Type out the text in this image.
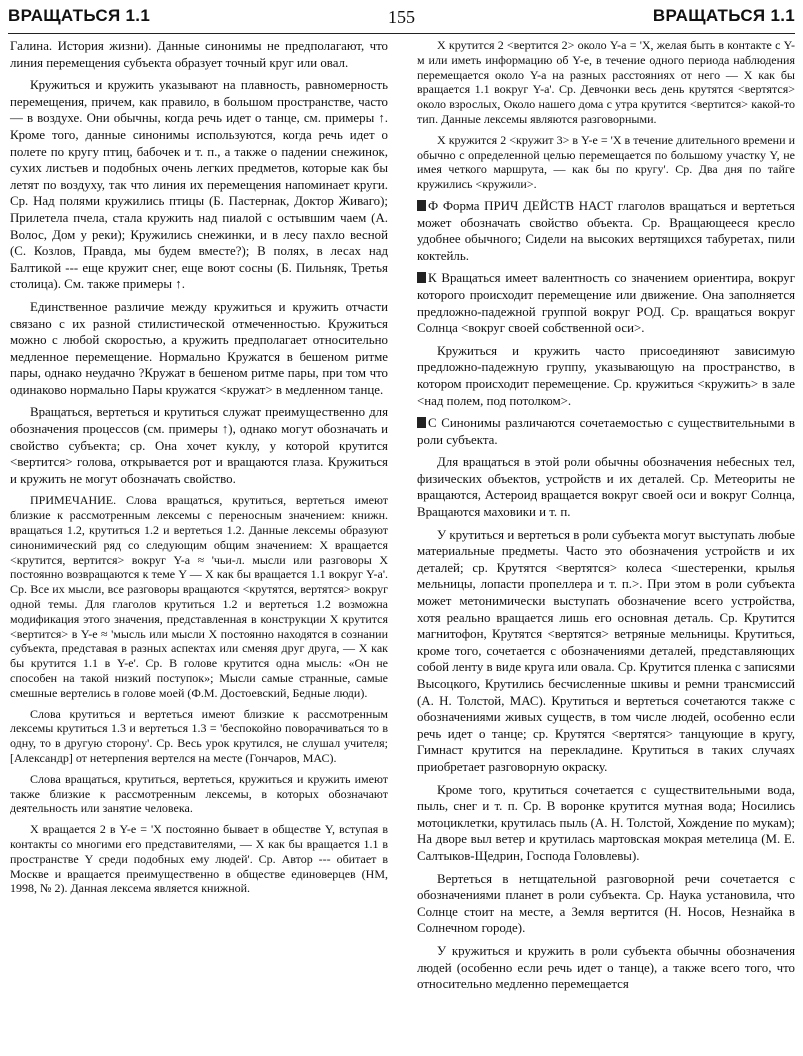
ВРАЩАТЬСЯ 1.1	155	ВРАЩАТЬСЯ 1.1

Галина. История жизни). Данные синонимы не предполагают, что линия перемещения субъекта образует точный круг или овал.

Кружиться и кружить указывают на плавность, равномерность перемещения, причем, как правило, в большом пространстве, часто — в воздухе. Они обычны, когда речь идет о танце, см. примеры ↑. Кроме того, данные синонимы используются, когда речь идет о полете по кругу птиц, бабочек и т. п., а также о падении снежинок, сухих листьев и подобных очень легких предметов, которые как бы летят по воздуху, так что линия их перемещения напоминает круги. Ср. Над полями кружились птицы (Б. Пастернак, Доктор Живаго); Прилетела пчела, стала кружить над пиалой с остывшим чаем (А. Волос, Дом у реки); Кружились снежинки, и в лесу пахло весной (С. Козлов, Правда, мы будем вместе?); В полях, в лесах над Балтикой --- еще кружит снег, еще воют сосны (Б. Пильняк, Третья столица). См. также примеры ↑.

Единственное различие между кружиться и кружить отчасти связано с их разной стилистической отмеченностью. Кружиться можно с любой скоростью, а кружить предполагает относительно медленное перемещение. Нормально Кружатся в бешеном ритме пары, однако неудачно ?Кружат в бешеном ритме пары, при том что одинаково нормально Пары кружатся <кружат> в медленном танце.

Вращаться, вертеться и крутиться служат преимущественно для обозначения процессов (см. примеры ↑), однако могут обозначать и свойство субъекта; ср. Она хочет куклу, у которой крутится <вертится> голова, открывается рот и вращаются глаза. Кружиться и кружить не могут обозначать свойство.

ПРИМЕЧАНИЕ. Слова вращаться, крутиться, вертеться имеют близкие к рассмотренным лексемы с переносным значением: книжн. вращаться 1.2, крутиться 1.2 и вертеться 1.2. Данные лексемы образуют синонимический ряд со следующим общим значением: X вращается <крутится, вертится> вокруг Y-а ≈ 'чьи-л. мысли или разговоры X постоянно возвращаются к теме Y — X как бы вращается 1.1 вокруг Y-а'. Ср. Все их мысли, все разговоры вращаются <крутятся, вертятся> вокруг одной темы. Для глаголов крутиться 1.2 и вертеться 1.2 возможна модификация этого значения, представленная в конструкции X крутится <вертится> в Y-е ≈ 'мысль или мысли X постоянно находятся в сознании субъекта, представая в разных аспектах или сменяя друг друга, — X как бы крутится 1.1 в Y-е'. Ср. В голове крутится одна мысль: «Он не способен на такой низкий поступок»; Мысли самые странные, самые смешные вертелись в голове моей (Ф.М. Достоевский, Бедные люди).

Слова крутиться и вертеться имеют близкие к рассмотренным лексемы крутиться 1.3 и вертеться 1.3 = 'беспокойно поворачиваться то в одну, то в другую сторону'. Ср. Весь урок крутился, не слушал учителя; [Александр] от нетерпения вертелся на месте (Гончаров, МАС).

Слова вращаться, крутиться, вертеться, кружиться и кружить имеют также близкие к рассмотренным лексемы, в которых обозначают деятельность или занятие человека.

X вращается 2 в Y-е = 'X постоянно бывает в обществе Y, вступая в контакты со многими его представителями, — X как бы вращается 1.1 в пространстве Y среди подобных ему людей'. Ср. Автор --- обитает в Москве и вращается преимущественно в обществе единоверцев (НМ, 1998, № 2). Данная лексема является книжной.

X крутится 2 <вертится 2> около Y-а = 'X, желая быть в контакте с Y-м или иметь информацию об Y-е, в течение одного периода наблюдения перемещается около Y-а на разных расстояниях от него — X как бы вращается 1.1 вокруг Y-а'. Ср. Девчонки весь день крутятся <вертятся> около взрослых, Около нашего дома с утра крутится <вертится> какой-то тип. Данные лексемы являются разговорными.

X кружится 2 <кружит 3> в Y-е = 'X в течение длительного времени и обычно с определенной целью перемещается по большому участку Y, не имея четкого маршрута, — как бы по кругу'. Ср. Два дня по тайге кружились <кружили>.

Ф Форма ПРИЧ ДЕЙСТВ НАСТ глаголов вращаться и вертеться может обозначать свойство объекта. Ср. Вращающееся кресло удобнее обычного; Сидели на высоких вертящихся табуретах, пили коктейль.

К Вращаться имеет валентность со значением ориентира, вокруг которого происходит перемещение или движение. Она заполняется предложно-падежной группой вокруг РОД. Ср. вращаться вокруг Солнца <вокруг своей собственной оси>.

Кружиться и кружить часто присоединяют зависимую предложно-падежную группу, указывающую на пространство, в котором происходит перемещение. Ср. кружиться <кружить> в зале <над полем, под потолком>.

С Синонимы различаются сочетаемостью с существительными в роли субъекта.

Для вращаться в этой роли обычны обозначения небесных тел, физических объектов, устройств и их деталей. Ср. Метеориты не вращаются, Астероид вращается вокруг своей оси и вокруг Солнца, Вращаются маховики и т. п.

У крутиться и вертеться в роли субъекта могут выступать любые материальные предметы. Часто это обозначения устройств и их деталей; ср. Крутятся <вертятся> колеса <шестеренки, крылья мельницы, лопасти пропеллера и т. п.>. При этом в роли субъекта может метонимически выступать обозначение всего устройства, хотя реально вращается лишь его основная деталь. Ср. Крутится магнитофон, Крутятся <вертятся> ветряные мельницы. Крутиться, кроме того, сочетается с обозначениями деталей, представляющих собой ленту в виде круга или овала. Ср. Крутится пленка с записями Высоцкого, Крутились бесчисленные шкивы и ремни трансмиссий (А. Н. Толстой, МАС). Крутиться и вертеться сочетаются также с обозначениями живых существ, в том числе людей, особенно если речь идет о танце; ср. Крутятся <вертятся> танцующие в кругу, Гимнаст крутится на перекладине. Крутиться в таких случаях приобретает разговорную окраску.

Кроме того, крутиться сочетается с существительными вода, пыль, снег и т. п. Ср. В воронке крутится мутная вода; Носились мотоциклетки, крутилась пыль (А. Н. Толстой, Хождение по мукам); На дворе выл ветер и крутилась мартовская мокрая метелица (М. Е. Салтыков-Щедрин, Господа Головлевы).

Вертеться в нетщательной разговорной речи сочетается с обозначениями планет в роли субъекта. Ср. Наука установила, что Солнце стоит на месте, а Земля вертится (Н. Носов, Незнайка в Солнечном городе).

У кружиться и кружить в роли субъекта обычны обозначения людей (особенно если речь идет о танце), а также всего того, что относительно медленно перемещается
